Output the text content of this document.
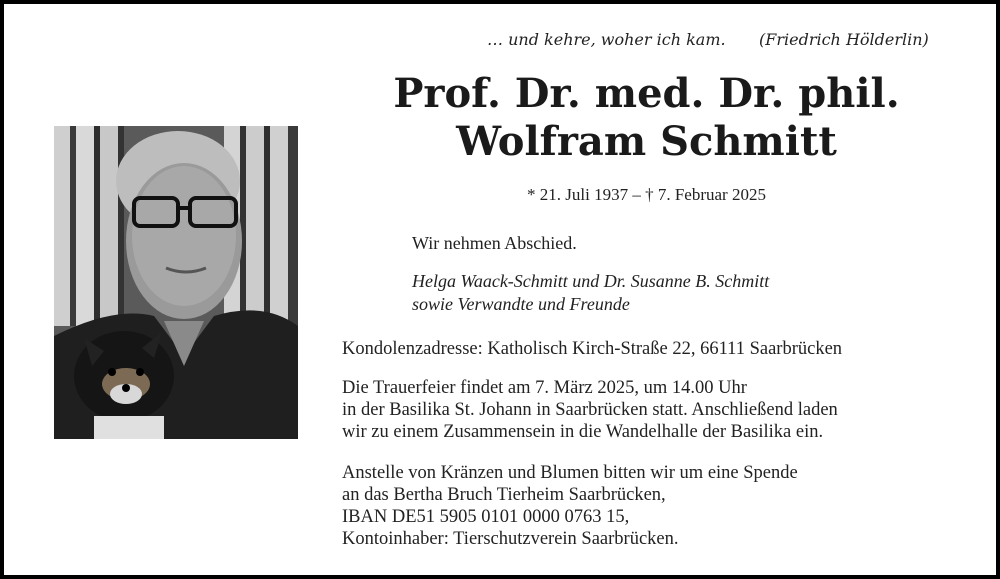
… und kehre, woher ich kam. (Friedrich Hölderlin)
Prof. Dr. med. Dr. phil.
Wolfram Schmitt
* 21. Juli 1937 – † 7. Februar 2025
Wir nehmen Abschied.
Helga Waack-Schmitt und Dr. Susanne B. Schmitt
sowie Verwandte und Freunde
Kondolenzadresse: Katholisch Kirch-Straße 22, 66111 Saarbrücken
Die Trauerfeier findet am 7. März 2025, um 14.00 Uhr
in der Basilika St. Johann in Saarbrücken statt. Anschließend laden
wir zu einem Zusammensein in die Wandelhalle der Basilika ein.
Anstelle von Kränzen und Blumen bitten wir um eine Spende
an das Bertha Bruch Tierheim Saarbrücken,
IBAN DE51 5905 0101 0000 0763 15,
Kontoinhaber: Tierschutzverein Saarbrücken.
